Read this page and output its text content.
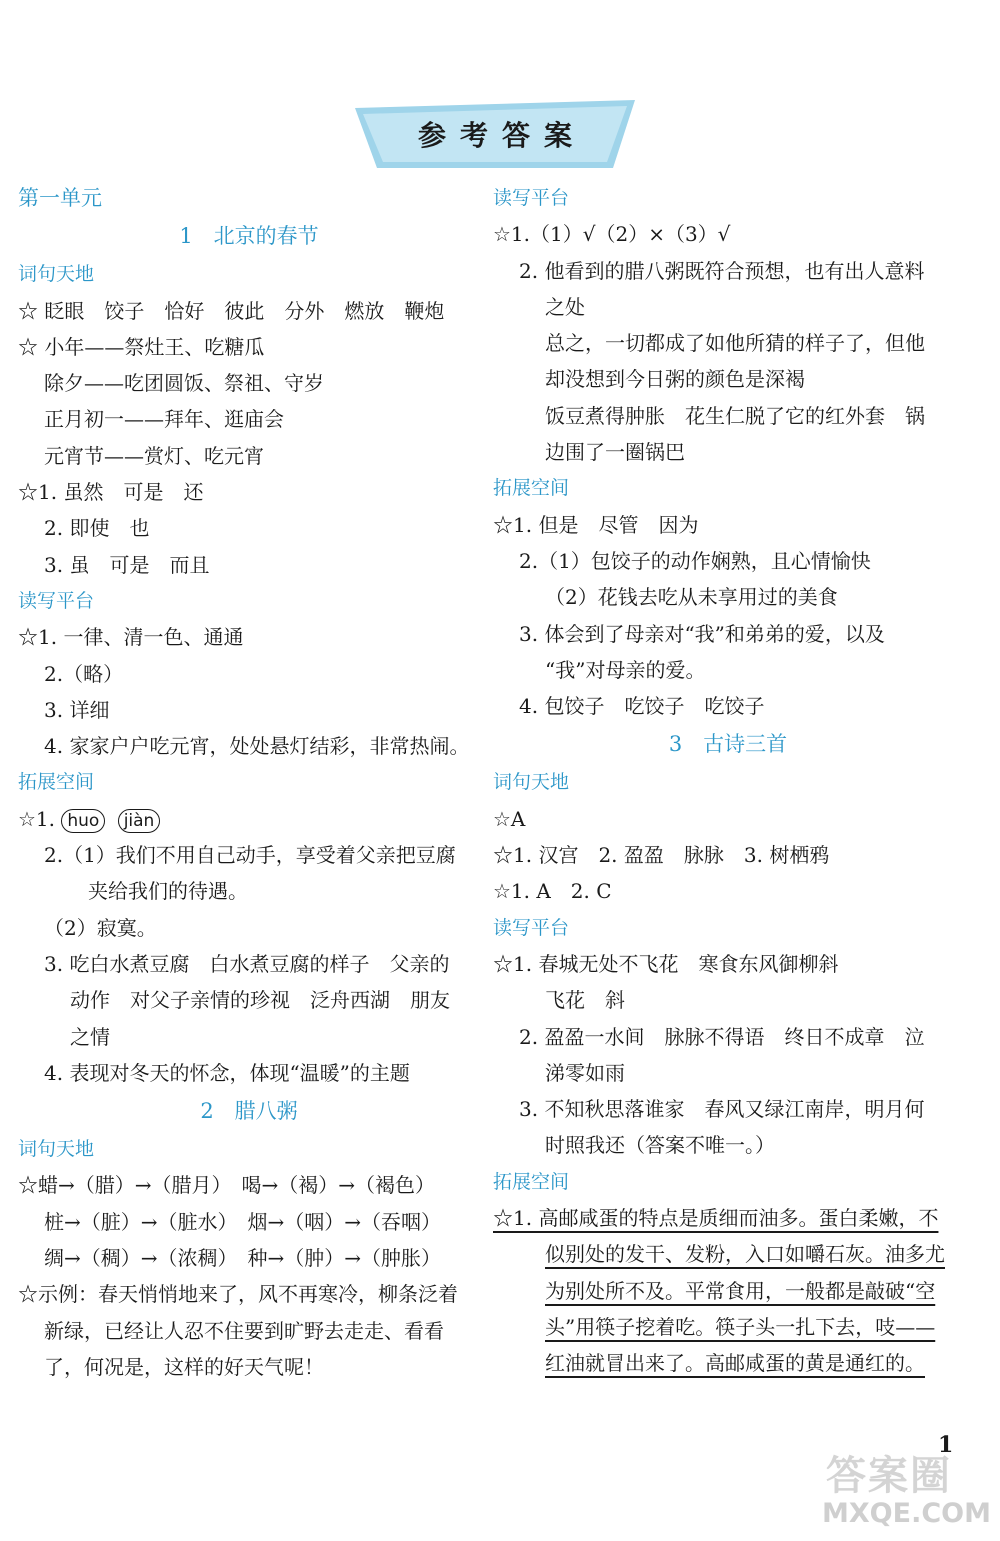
参考答案
第一单元
1　北京的春节
词句天地
☆ 眨眼　饺子　恰好　彼此　分外　燃放　鞭炮
☆ 小年——祭灶王、吃糖瓜
除夕——吃团圆饭、祭祖、守岁
正月初一——拜年、逛庙会
元宵节——赏灯、吃元宵
☆1. 虽然　可是　还
2. 即使　也
3. 虽　可是　而且
读写平台
☆1. 一律、清一色、通通
2.（略）
3. 详细
4. 家家户户吃元宵，处处悬灯结彩，非常热闹。
拓展空间
☆1. huo jiàn
2.（1）我们不用自己动手，享受着父亲把豆腐
夹给我们的待遇。
（2）寂寞。
3. 吃白水煮豆腐　白水煮豆腐的样子　父亲的
动作　对父子亲情的珍视　泛舟西湖　朋友
之情
4. 表现对冬天的怀念，体现“温暖”的主题
2　腊八粥
词句天地
☆蜡→（腊）→（腊月）　喝→（褐）→（褐色）
桩→（脏）→（脏水）　烟→（咽）→（吞咽）
绸→（稠）→（浓稠）　种→（肿）→（肿胀）
☆示例：春天悄悄地来了，风不再寒冷，柳条泛着
新绿，已经让人忍不住要到旷野去走走、看看
了，何况是，这样的好天气呢！
读写平台
☆1.（1）√（2）×（3）√
2. 他看到的腊八粥既符合预想，也有出人意料
之处
总之，一切都成了如他所猜的样子了，但他
却没想到今日粥的颜色是深褐
饭豆煮得肿胀　花生仁脱了它的红外套　锅
边围了一圈锅巴
拓展空间
☆1. 但是　尽管　因为
2.（1）包饺子的动作娴熟，且心情愉快
（2）花钱去吃从未享用过的美食
3. 体会到了母亲对“我”和弟弟的爱，以及
“我”对母亲的爱。
4. 包饺子　吃饺子　吃饺子
3　古诗三首
词句天地
☆A
☆1. 汉宫　2. 盈盈　脉脉　3. 树栖鸦
☆1. A　2. C
读写平台
☆1. 春城无处不飞花　寒食东风御柳斜
飞花　斜
2. 盈盈一水间　脉脉不得语　终日不成章　泣
涕零如雨
3. 不知秋思落谁家　春风又绿江南岸，明月何
时照我还（答案不唯一。）
拓展空间
☆1. 高邮咸蛋的特点是质细而油多。蛋白柔嫩，不
似别处的发干、发粉，入口如嚼石灰。油多尤
为别处所不及。平常食用，一般都是敲破“空
头”用筷子挖着吃。筷子头一扎下去，吱——
红油就冒出来了。高邮咸蛋的黄是通红的。
1
答案圈
MXQE.COM
